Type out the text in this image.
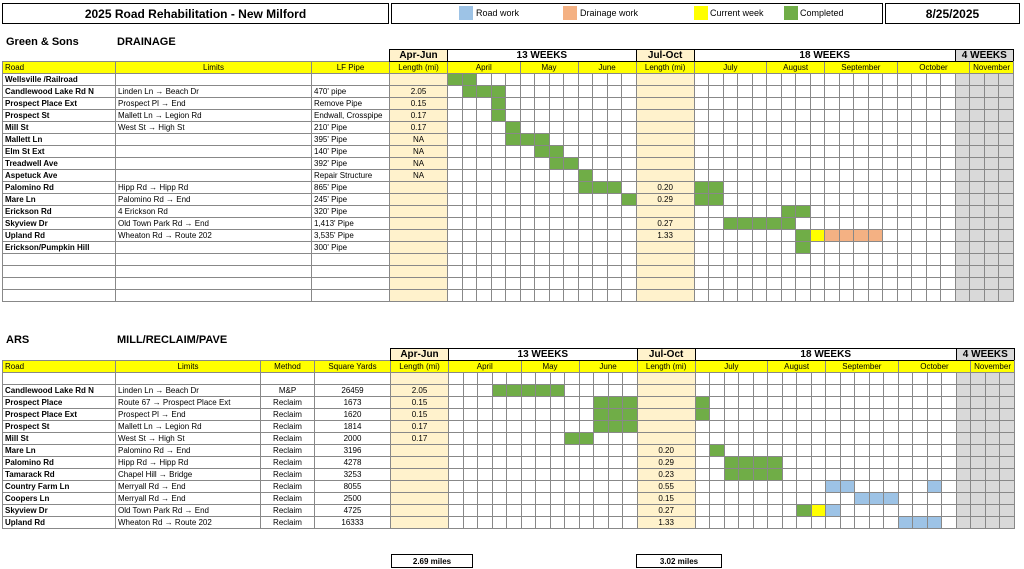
2025 Road Rehabilitation - New Milford	Road work	Drainage work	Current week	Completed	8/25/2025
Green & Sons	DRAINAGE
			Apr-Jun	13 WEEKS													Jul-Oct	18 WEEKS																		4 WEEKS			
Road	Limits	LF Pipe	Length (mi)	April					May				June				Length (mi)	July					August				September					October					November		
Wellsville /Railroad																																							
Candlewood Lake Rd N	Linden Ln → Beach Dr	470' pipe	2.05																																				
Prospect Place Ext	Prospect Pl → End	Remove Pipe	0.15																																				
Prospect St	Mallett Ln → Legion Rd	Endwall, Crosspipe	0.17																																				
Mill St	West St → High St	210' Pipe	0.17																																				
Mallett Ln		395' Pipe	NA																																				
Elm St Ext		140' Pipe	NA																																				
Treadwell Ave		392' Pipe	NA																																				
Aspetuck Ave		Repair Structure	NA																																				
Palomino Rd	Hipp Rd → Hipp Rd	865' Pipe															0.20																						
Mare Ln	Palomino Rd → End	245' Pipe															0.29																						
Erickson Rd	4 Erickson Rd	320' Pipe																																					
Skyview Dr	Old Town Park Rd → End	1,413' Pipe															0.27																						
Upland Rd	Wheaton Rd → Route 202	3,535' Pipe															1.33																						
Erickson/Pumpkin Hill		300' Pipe																																					

ARS	MILL/RECLAIM/PAVE
				Apr-Jun	13 WEEKS													Jul-Oct	18 WEEKS																		4 WEEKS			
Road	Limits	Method	Square Yards	Length (mi)	April					May				June				Length (mi)	July					August				September					October					November		

Candlewood Lake Rd N	Linden Ln → Beach Dr	M&P	26459	2.05																																				
Prospect Place	Route 67 → Prospect Place Ext	Reclaim	1673	0.15																																				
Prospect Place Ext	Prospect Pl → End	Reclaim	1620	0.15																																				
Prospect St	Mallett Ln → Legion Rd	Reclaim	1814	0.17																																				
Mill St	West St → High St	Reclaim	2000	0.17																																				
Mare Ln	Palomino Rd → End	Reclaim	3196															0.20																						
Palomino Rd	Hipp Rd → Hipp Rd	Reclaim	4278															0.29																						
Tamarack Rd	Chapel Hill → Bridge	Reclaim	3253															0.23																						
Country Farm Ln	Merryall Rd → End	Reclaim	8055															0.55																						
Coopers Ln	Merryall Rd → End	Reclaim	2500															0.15																						
Skyview Dr	Old Town Park Rd → End	Reclaim	4725															0.27																						
Upland Rd	Wheaton Rd → Route 202	Reclaim	16333															1.33																						
2.69 miles	3.02 miles
